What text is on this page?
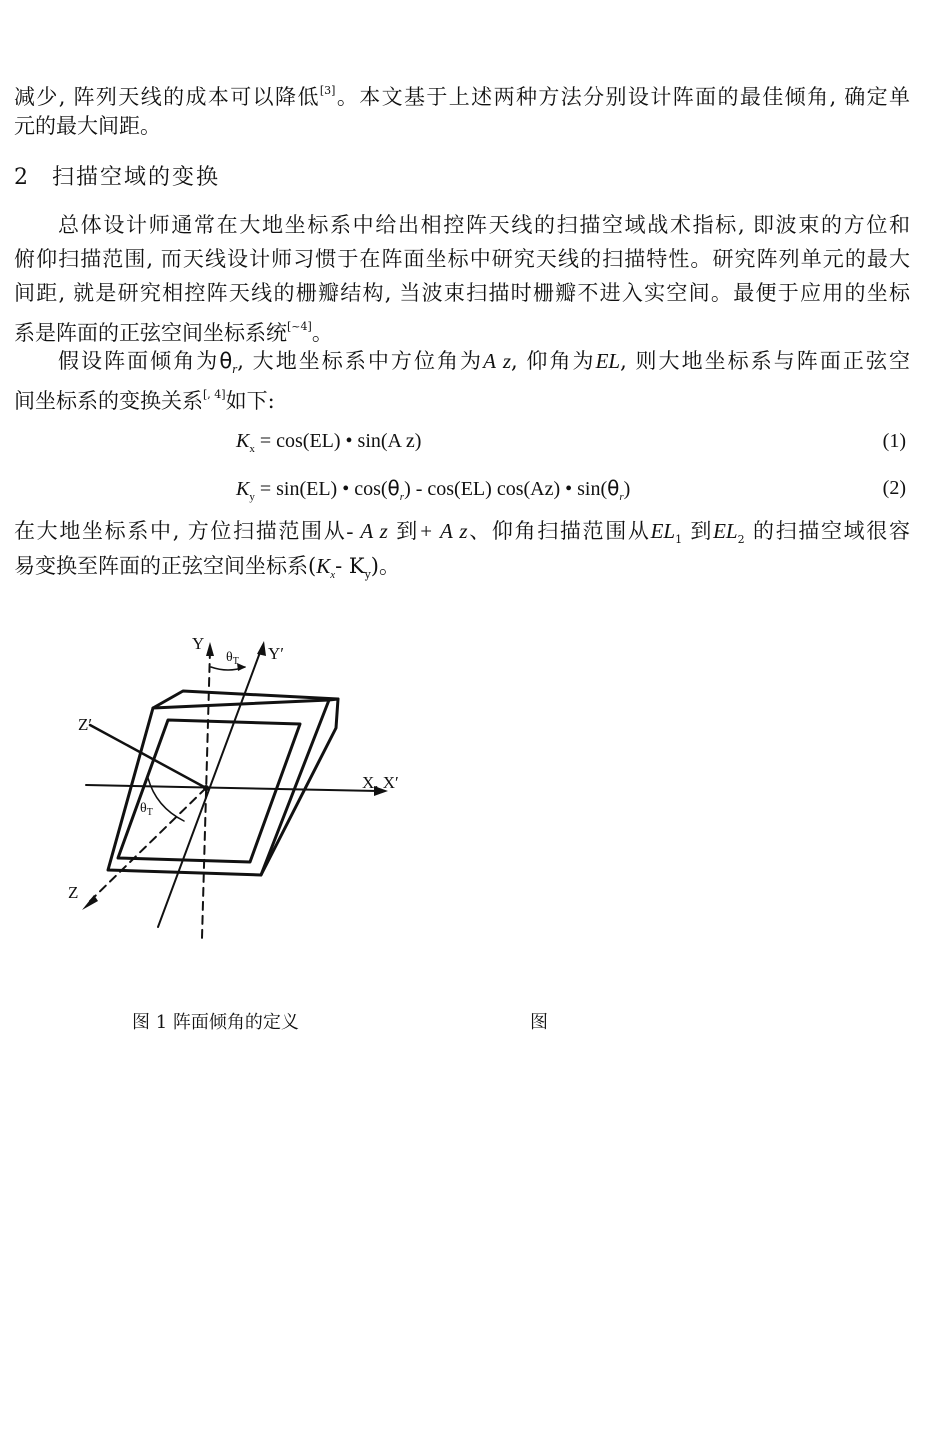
减少, 阵列天线的成本可以降低[3]。本文基于上述两种方法分别设计阵面的最佳倾角, 确定单
元的最大间距。
2 扫描空域的变换
总体设计师通常在大地坐标系中给出相控阵天线的扫描空域战术指标, 即波束的方位和
俯仰扫描范围, 而天线设计师习惯于在阵面坐标中研究天线的扫描特性。研究阵列单元的最大
间距, 就是研究相控阵天线的栅瓣结构, 当波束扫描时栅瓣不进入实空间。最便于应用的坐标
系是阵面的正弦空间坐标系统[~4]。
假设阵面倾角为$\theta_r$, 大地坐标系中方位角为A z, 仰角为EL, 则大地坐标系与阵面正弦空
间坐标系的变换关系[, 4]如下:
$K_x = \cos(EL)$ • sin(A z)	(1)
$K_y = \sin(EL)$ • $\cos(\theta_r) - \cos(EL)$ cos(Az) • $\sin(\theta_r)$	(2)
在大地坐标系中, 方位扫描范围从- A z 到+ A z、仰角扫描范围从$EL_1$ 到$EL_2$ 的扫描空域很容
易变换至阵面的正弦空间坐标系($K_x-$ $K_y$)。
Y
Y′
$\theta_T$
Z′
X, X′
$\theta_T$
Z
图 1 阵面倾角的定义	图
